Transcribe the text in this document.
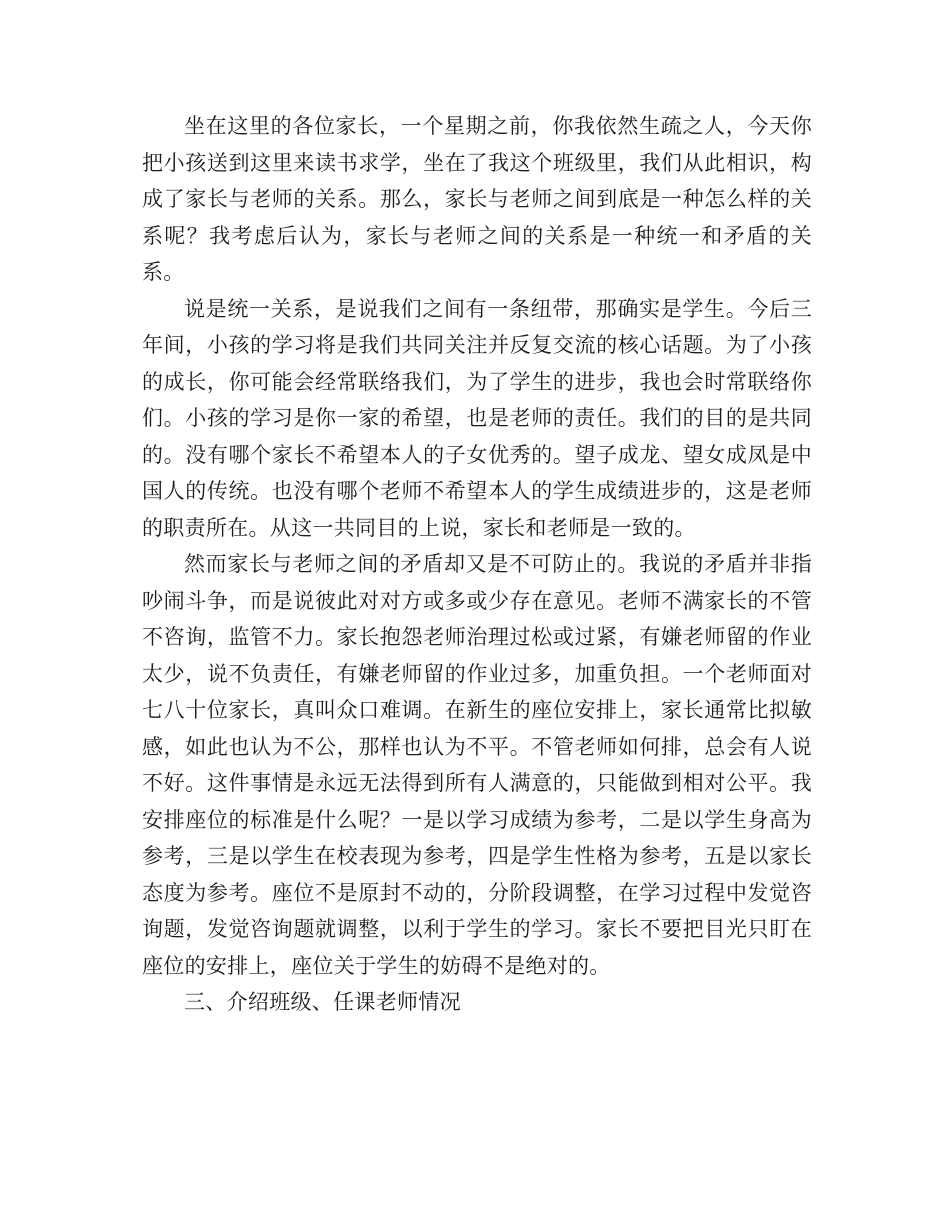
坐在这里的各位家长，一个星期之前，你我依然生疏之人，今天你把小孩送到这里来读书求学，坐在了我这个班级里，我们从此相识，构成了家长与老师的关系。那么，家长与老师之间到底是一种怎么样的关系呢？我考虑后认为，家长与老师之间的关系是一种统一和矛盾的关系。

说是统一关系，是说我们之间有一条纽带，那确实是学生。今后三年间，小孩的学习将是我们共同关注并反复交流的核心话题。为了小孩的成长，你可能会经常联络我们，为了学生的进步，我也会时常联络你们。小孩的学习是你一家的希望，也是老师的责任。我们的目的是共同的。没有哪个家长不希望本人的子女优秀的。望子成龙、望女成凤是中国人的传统。也没有哪个老师不希望本人的学生成绩进步的，这是老师的职责所在。从这一共同目的上说，家长和老师是一致的。

然而家长与老师之间的矛盾却又是不可防止的。我说的矛盾并非指吵闹斗争，而是说彼此对对方或多或少存在意见。老师不满家长的不管不咨询，监管不力。家长抱怨老师治理过松或过紧，有嫌老师留的作业太少，说不负责任，有嫌老师留的作业过多，加重负担。一个老师面对七八十位家长，真叫众口难调。在新生的座位安排上，家长通常比拟敏感，如此也认为不公，那样也认为不平。不管老师如何排，总会有人说不好。这件事情是永远无法得到所有人满意的，只能做到相对公平。我安排座位的标准是什么呢？一是以学习成绩为参考，二是以学生身高为参考，三是以学生在校表现为参考，四是学生性格为参考，五是以家长态度为参考。座位不是原封不动的，分阶段调整，在学习过程中发觉咨询题，发觉咨询题就调整，以利于学生的学习。家长不要把目光只盯在座位的安排上，座位关于学生的妨碍不是绝对的。

三、介绍班级、任课老师情况
